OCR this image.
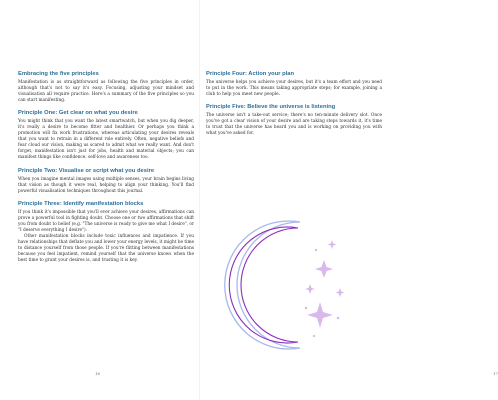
Embracing the five principles

Manifestation is as straightforward as following the five principles in order, although that's not to say it's easy. Focusing, adjusting your mindset and visualisation all require practice. Here's a summary of the five principles so you can start manifesting.

Principle One: Get clear on what you desire

You might think that you want the latest smartwatch, but when you dig deeper, it's really a desire to become fitter and healthier. Or perhaps you think a promotion will fix work frustrations, whereas articulating your desires reveals that you want to retrain in a different role entirely. Often, negative beliefs and fear cloud our vision, making us scared to admit what we really want. And don't forget, manifestation isn't just for jobs, health and material objects; you can manifest things like confidence, self-love and awareness too.

Principle Two: Visualise or script what you desire

When you imagine mental images using multiple senses, your brain begins living that vision as though it were real, helping to align your thinking. You'll find powerful visualisation techniques throughout this journal.

Principle Three: Identify manifestation blocks

If you think it's impossible that you'll ever achieve your desires, affirmations can prove a powerful tool in fighting doubt. Choose one or two affirmations that shift you from doubt to belief (e.g. "The universe is ready to give me what I desire", or "I deserve everything I desire").

Other manifestation blocks include toxic influences and impatience. If you have relationships that deflate you and lower your energy levels, it might be time to distance yourself from those people. If you're flitting between manifestations because you feel impatient, remind yourself that the universe knows when the best time to grant your desires is, and trusting it is key.

16
Principle Four: Action your plan

The universe helps you achieve your desires, but it's a team effort and you need to put in the work. This means taking appropriate steps; for example, joining a club to help you meet new people.

Principle Five: Believe the universe is listening

The universe isn't a take-out service; there's no ten-minute delivery slot. Once you've got a clear vision of your desire and are taking steps towards it, it's time to trust that the universe has heard you and is working on providing you with what you've asked for.

17
